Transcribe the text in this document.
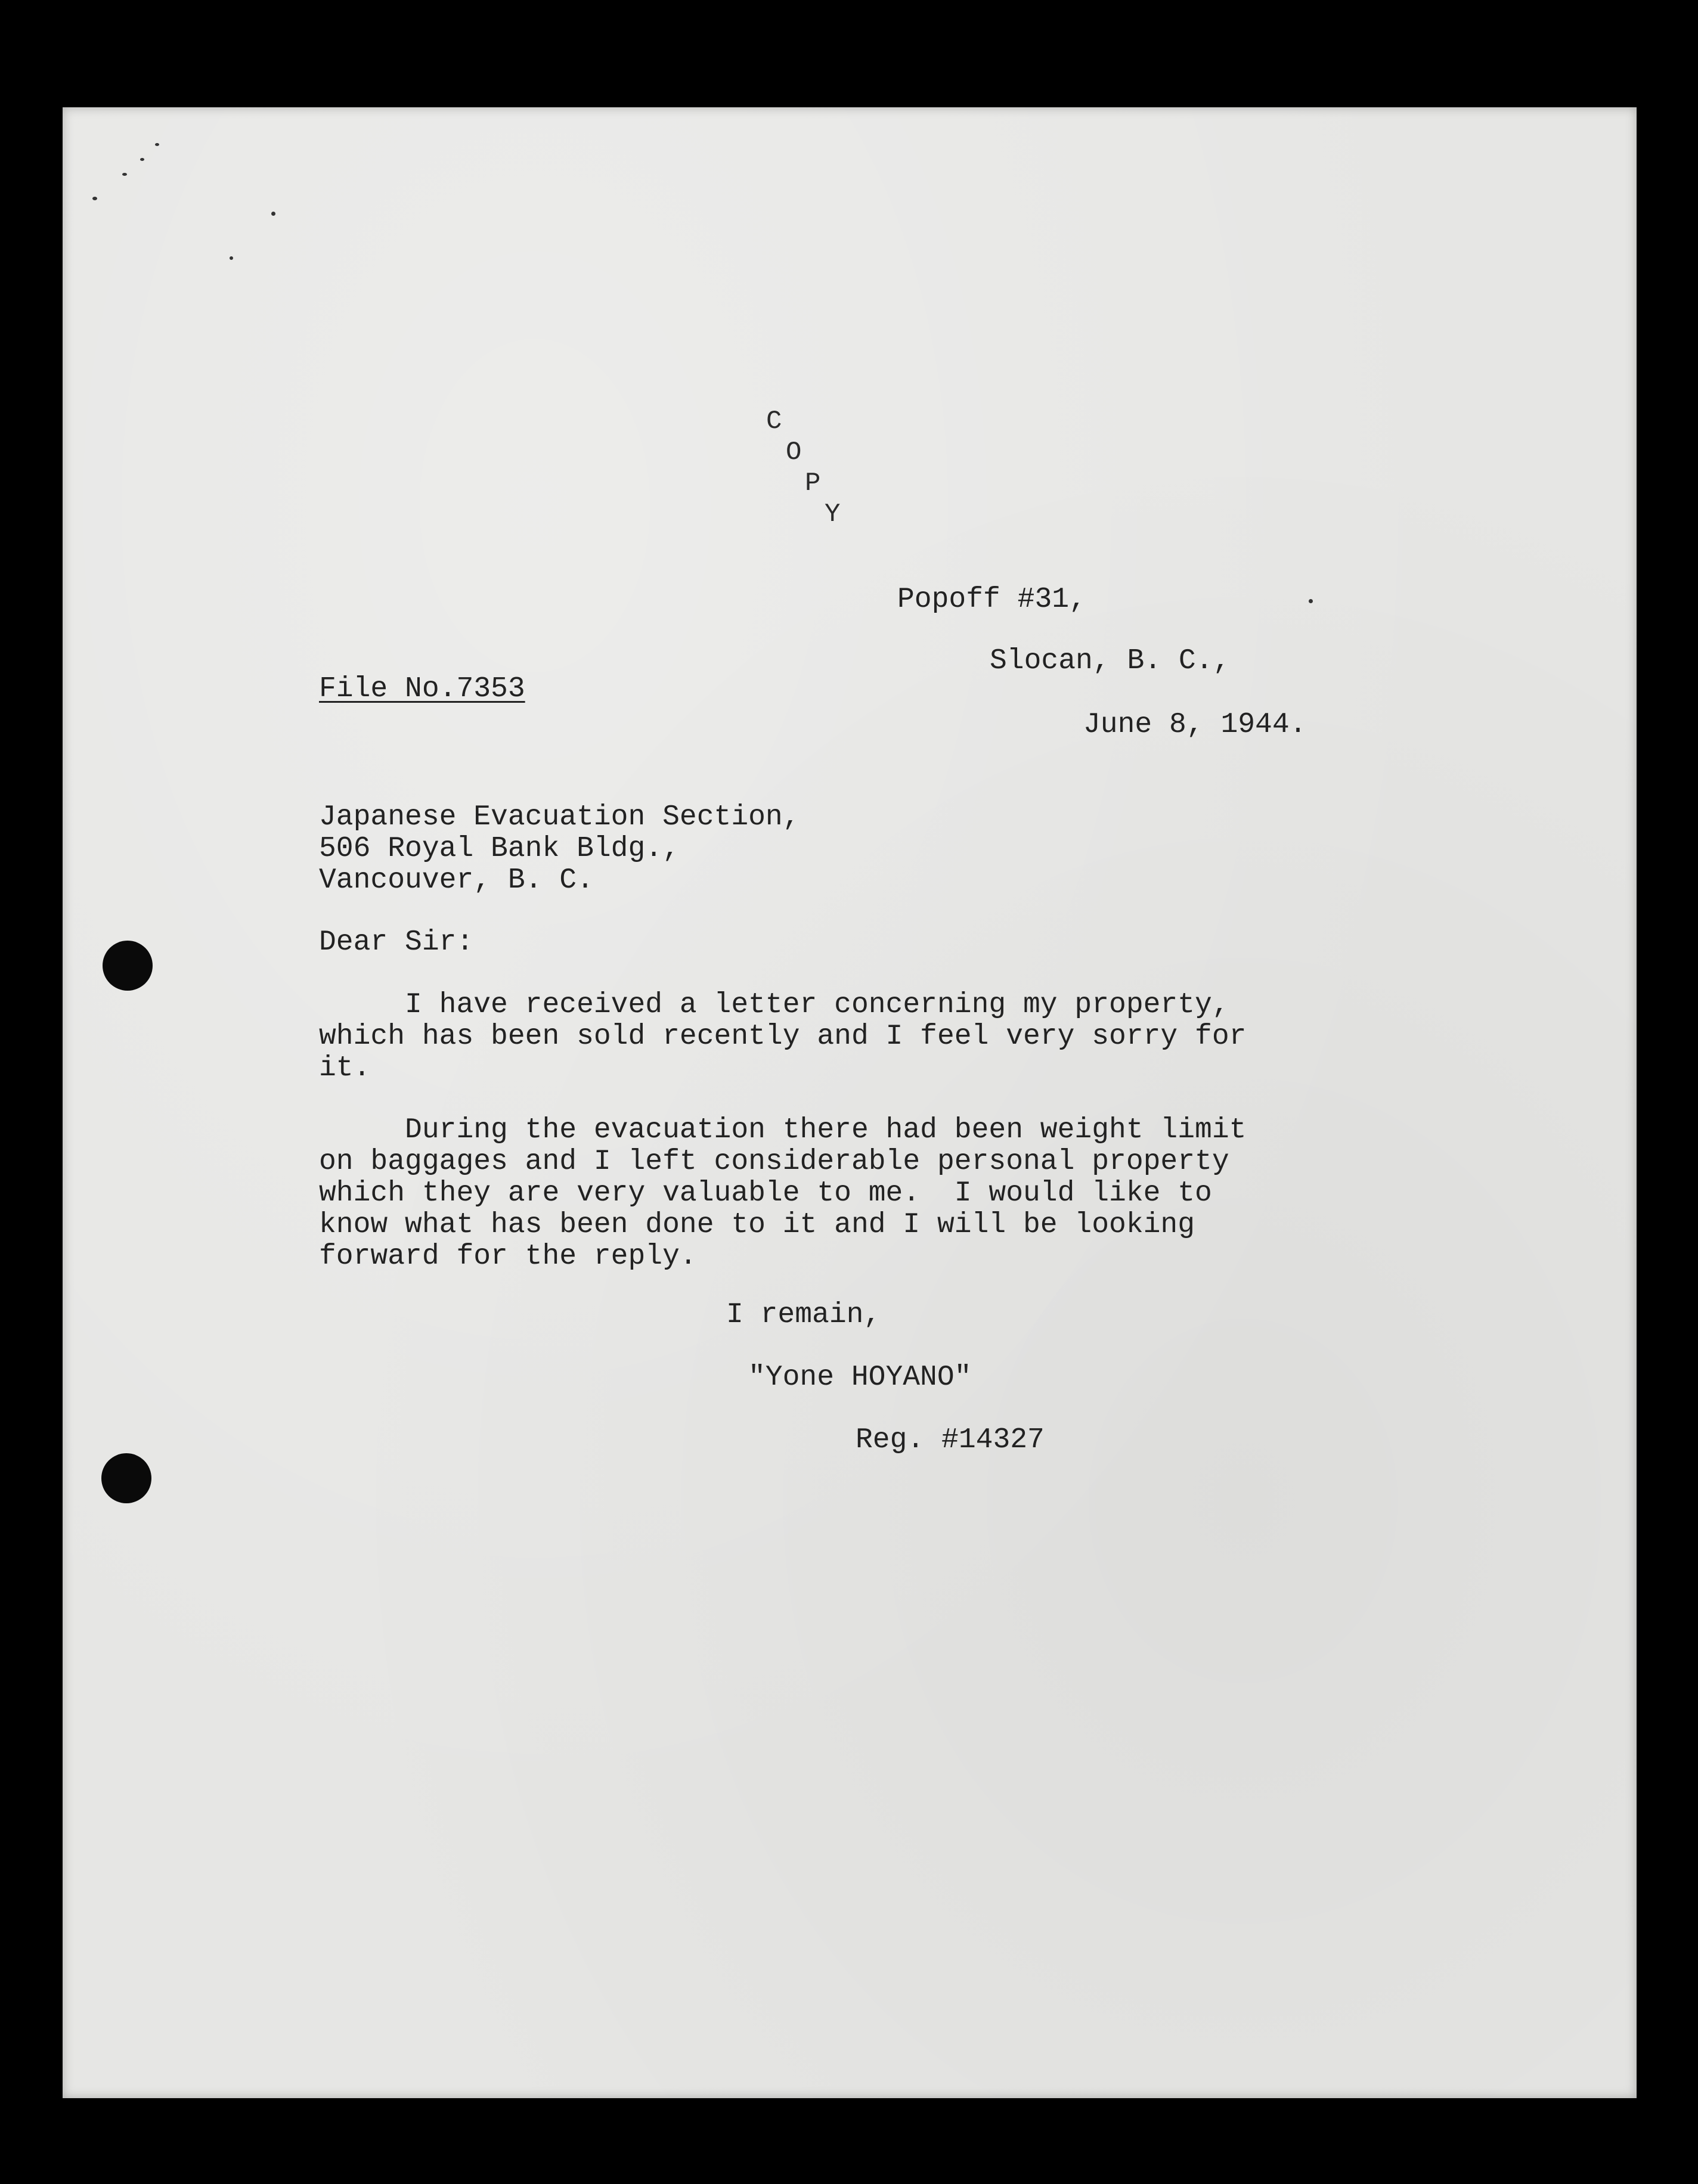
C
O
P
Y

Popoff #31,

Slocan, B. C.,

June 8, 1944.

File No.7353

Japanese Evacuation Section,

506 Royal Bank Bldg.,

Vancouver, B. C.

Dear Sir:

I have received a letter concerning my property,
which has been sold recently and I feel very sorry for
it.

During the evacuation there had been weight limit
on baggages and I left considerable personal property
which they are very valuable to me.  I would like to
know what has been done to it and I will be looking
forward for the reply.

I remain,

"Yone HOYANO"

Reg. #14327
